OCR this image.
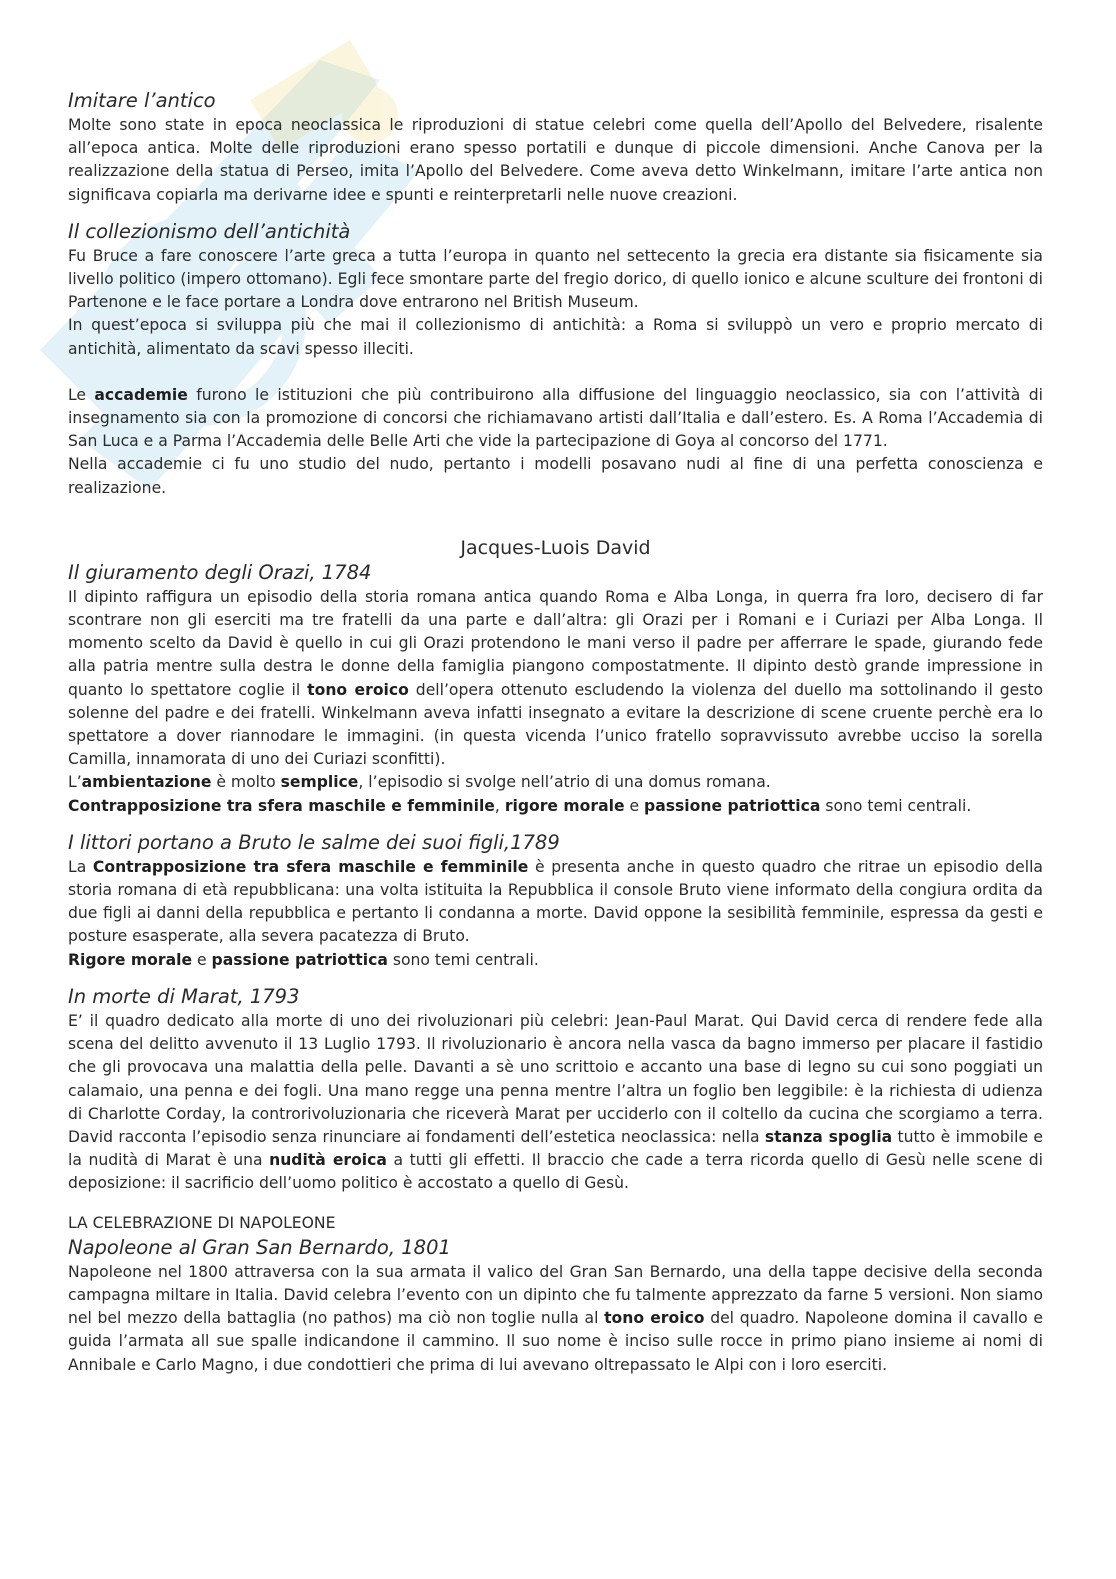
Imitare l’antico

Molte sono state in epoca neoclassica le riproduzioni di statue celebri come quella dell’Apollo del Belvedere, risalente all’epoca antica. Molte delle riproduzioni erano spesso portatili e dunque di piccole dimensioni. Anche Canova per la realizzazione della statua di Perseo, imita l’Apollo del Belvedere. Come aveva detto Winkelmann, imitare l’arte antica non significava copiarla ma derivarne idee e spunti e reinterpretarli nelle nuove creazioni.

Il collezionismo dell’antichità

Fu Bruce a fare conoscere l’arte greca a tutta l’europa in quanto nel settecento la grecia era distante sia fisicamente sia livello politico (impero ottomano). Egli fece smontare parte del fregio dorico, di quello ionico e alcune sculture dei frontoni di Partenone e le face portare a Londra dove entrarono nel British Museum.

In quest’epoca si sviluppa più che mai il collezionismo di antichità: a Roma si sviluppò un vero e proprio mercato di antichità, alimentato da scavi spesso illeciti.

Le accademie furono le istituzioni che più contribuirono alla diffusione del linguaggio neoclassico, sia con l’attività di insegnamento sia con la promozione di concorsi che richiamavano artisti dall’Italia e dall’estero. Es. A Roma l’Accademia di San Luca e a Parma l’Accademia delle Belle Arti che vide la partecipazione di Goya al concorso del 1771.

Nella accademie ci fu uno studio del nudo, pertanto i modelli posavano nudi al fine di una perfetta conoscienza e realizazione.

Jacques-Luois David

Il giuramento degli Orazi, 1784

Il dipinto raffigura un episodio della storia romana antica quando Roma e Alba Longa, in querra fra loro, decisero di far scontrare non gli eserciti ma tre fratelli da una parte e dall’altra: gli Orazi per i Romani e i Curiazi per Alba Longa. Il momento scelto da David è quello in cui gli Orazi protendono le mani verso il padre per afferrare le spade, giurando fede alla patria mentre sulla destra le donne della famiglia piangono compostatmente. Il dipinto destò grande impressione in quanto lo spettatore coglie il tono eroico dell’opera ottenuto escludendo la violenza del duello ma sottolinando il gesto solenne del padre e dei fratelli. Winkelmann aveva infatti insegnato a evitare la descrizione di scene cruente perchè era lo spettatore a dover riannodare le immagini. (in questa vicenda l’unico fratello sopravvissuto avrebbe ucciso la sorella Camilla, innamorata di uno dei Curiazi sconfitti).

L’ambientazione è molto semplice, l’episodio si svolge nell’atrio di una domus romana.

Contrapposizione tra sfera maschile e femminile, rigore morale e passione patriottica sono temi centrali.

I littori portano a Bruto le salme dei suoi figli,1789

La Contrapposizione tra sfera maschile e femminile è presenta anche in questo quadro che ritrae un episodio della storia romana di età repubblicana: una volta istituita la Repubblica il console Bruto viene informato della congiura ordita da due figli ai danni della repubblica e pertanto li condanna a morte. David oppone la sesibilità femminile, espressa da gesti e posture esasperate, alla severa pacatezza di Bruto.

Rigore morale e passione patriottica sono temi centrali.

In morte di Marat, 1793

E’ il quadro dedicato alla morte di uno dei rivoluzionari più celebri: Jean-Paul Marat. Qui David cerca di rendere fede alla scena del delitto avvenuto il 13 Luglio 1793. Il rivoluzionario è ancora nella vasca da bagno immerso per placare il fastidio che gli provocava una malattia della pelle. Davanti a sè uno scrittoio e accanto una base di legno su cui sono poggiati un calamaio, una penna e dei fogli. Una mano regge una penna mentre l’altra un foglio ben leggibile: è la richiesta di udienza di Charlotte Corday, la controrivoluzionaria che riceverà Marat per ucciderlo con il coltello da cucina che scorgiamo a terra. David racconta l’episodio senza rinunciare ai fondamenti dell’estetica neoclassica: nella stanza spoglia tutto è immobile e la nudità di Marat è una nudità eroica a tutti gli effetti. Il braccio che cade a terra ricorda quello di Gesù nelle scene di deposizione: il sacrificio dell’uomo politico è accostato a quello di Gesù.

LA CELEBRAZIONE DI NAPOLEONE

Napoleone al Gran San Bernardo, 1801

Napoleone nel 1800 attraversa con la sua armata il valico del Gran San Bernardo, una della tappe decisive della seconda campagna miltare in Italia. David celebra l’evento con un dipinto che fu talmente apprezzato da farne 5 versioni. Non siamo nel bel mezzo della battaglia (no pathos) ma ciò non toglie nulla al tono eroico del quadro. Napoleone domina il cavallo e guida l’armata all sue spalle indicandone il cammino. Il suo nome è inciso sulle rocce in primo piano insieme ai nomi di Annibale e Carlo Magno, i due condottieri che prima di lui avevano oltrepassato le Alpi con i loro eserciti.
